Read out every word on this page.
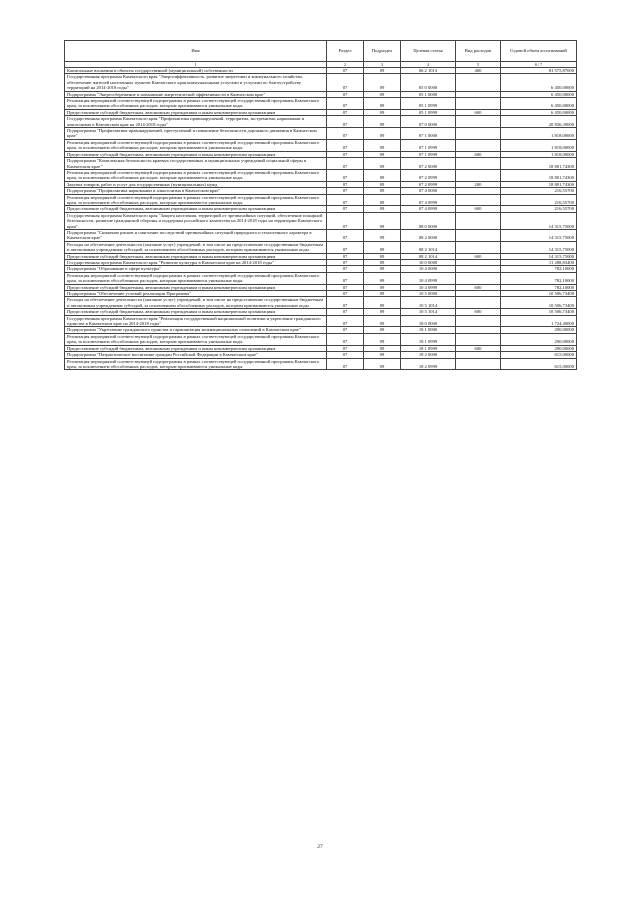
Имя	Раздел	Подраздел	Целевая статья	Вид расходов	Годовой объем ассигнований
1	2	3	4	5	6 / 7
Капитальные вложения в объекты государственной (муниципальной) собственности	07	09	06 2 1013	400	81 575,87000
Государственная программа Камчатского края "Энергоэффективность, развитие энергетики и коммунального хозяйства, обеспечение жителей населенных пунктов Камчатского края коммунальными услугами и услугами по благоустройству территорий на 2014-2018 годы"	07	09	05 0 0000		6 450,00000
Подпрограмма "Энергосбережение и повышение энергетической эффективности в Камчатском крае"	07	09	05 1 0000		6 450,00000
Реализация мероприятий соответствующей подпрограммы в рамках соответствующей государственной программы Камчатского края, за исключением обособленных расходов, которым присваиваются уникальные коды	07	09	05 1 0999		6 450,00000
Предоставление субсидий бюджетным, автономным учреждениям и иным некоммерческим организациям	07	09	05 1 0999	600	6 450,00000
Государственная программа Камчатского края "Профилактика правонарушений, терроризма, экстремизма, наркомании и алкоголизма в Камчатском крае на 2014-2018 годы"	07	09	07 0 0000		20 836,39000
Подпрограмма "Профилактика правонарушений, преступлений и повышение безопасности дорожного движения в Камчатском крае"	07	09	07 1 0000		1 818,00000
Реализация мероприятий соответствующей подпрограммы в рамках соответствующей государственной программы Камчатского края, за исключением обособленных расходов, которым присваиваются уникальные коды	07	09	07 1 0999		1 818,00000
Предоставление субсидий бюджетным, автономным учреждениям и иным некоммерческим организациям	07	09	07 1 0999	600	1 818,00000
Подпрограмма "Комплексная безопасность краевых государственных и муниципальных учреждений социальной сферы в Камчатском крае "	07	09	07 2 0000		18 801,74300
Реализация мероприятий соответствующей подпрограммы в рамках соответствующей государственной программы Камчатского края, за исключением обособленных расходов, которым присваиваются уникальные коды	07	09	07 2 0999		18 801,74300
Закупка товаров, работ и услуг для государственных (муниципальных) нужд	07	09	07 2 0999	200	18 801,74300
Подпрограмма "Профилактика наркомании и алкоголизма в Камчатском крае"	07	09	07 4 0000		216,55700
Реализация мероприятий соответствующей подпрограммы в рамках соответствующей государственной программы Камчатского края, за исключением обособленных расходов, которым присваиваются уникальные коды	07	09	07 4 0999		216,55700
Предоставление субсидий бюджетным, автономным учреждениям и иным некоммерческим организациям	07	09	07 4 0999	600	216,55700
Государственная программа Камчатского края "Защита населения, территорий от чрезвычайных ситуаций, обеспечение пожарной безопасности, развитие гражданской обороны и поддержка российского казачества на 2014-2018 годы на территории Камчатского края"	07	09	08 0 0000		14 315,75000
Подпрограмма "Снижение рисков и смягчение последствий чрезвычайных ситуаций природного и техногенного характера в Камчатском крае"	07	09	08 2 0000		14 315,75000
Расходы на обеспечение деятельности (оказание услуг) учреждений, в том числе на предоставление государственным бюджетным и автономным учреждениям субсидий, за исключением обособленных расходов, которым присваиваются уникальные коды	07	09	08 2 1014		14 315,75000
Предоставление субсидий бюджетным, автономным учреждениям и иным некоммерческим организациям	07	09	08 2 1014	600	14 315,75000
Государственная программа Камчатского края "Развитие культуры в Камчатском крае на 2014-2018 годы"	07	09	10 0 0000		11 288,83400
Подпрограмма "Образование в сфере культуры"	07	09	10 4 0000		782,10000
Реализация мероприятий соответствующей подпрограммы в рамках соответствующей государственной программы Камчатского края, за исключением обособленных расходов, которым присваиваются уникальные коды	07	09	10 4 0999		782,10000
Предоставление субсидий бюджетным, автономным учреждениям и иным некоммерческим организациям	07	09	10 4 0999	600	782,10000
Подпрограмма "Обеспечение условий реализации Программы"	07	09	10 5 0000		10 506,73400
Расходы на обеспечение деятельности (оказание услуг) учреждений, в том числе на предоставление государственным бюджетным и автономным учреждениям субсидий, за исключением обособленных расходов, которым присваиваются уникальные коды	07	09	10 5 1014		10 506,73400
Предоставление субсидий бюджетным, автономным учреждениям и иным некоммерческим организациям	07	09	10 5 1014	600	10 506,73400
Государственная программа Камчатского края "Реализация государственной национальной политики и укрепление гражданского единства в Камчатском крае на 2014-2018 годы"	07	09	18 0 0000		1 724,40000
Подпрограмма "Укрепление гражданского единства и гармонизация межнациональных отношений в Камчатском крае"	07	09	18 1 0000		290,00000
Реализация мероприятий соответствующей подпрограммы в рамках соответствующей государственной программы Камчатского края, за исключением обособленных расходов, которым присваиваются уникальные коды	07	09	18 1 0999		290,00000
Предоставление субсидий бюджетным, автономным учреждениям и иным некоммерческим организациям	07	09	18 1 0999	600	290,00000
Подпрограмма "Патриотическое воспитание граждан Российской Федерации в Камчатском крае"	07	09	18 2 0000		615,00000
Реализация мероприятий соответствующей подпрограммы в рамках соответствующей государственной программы Камчатского края, за исключением обособленных расходов, которым присваиваются уникальные коды	07	09	18 2 0999		615,00000
27
